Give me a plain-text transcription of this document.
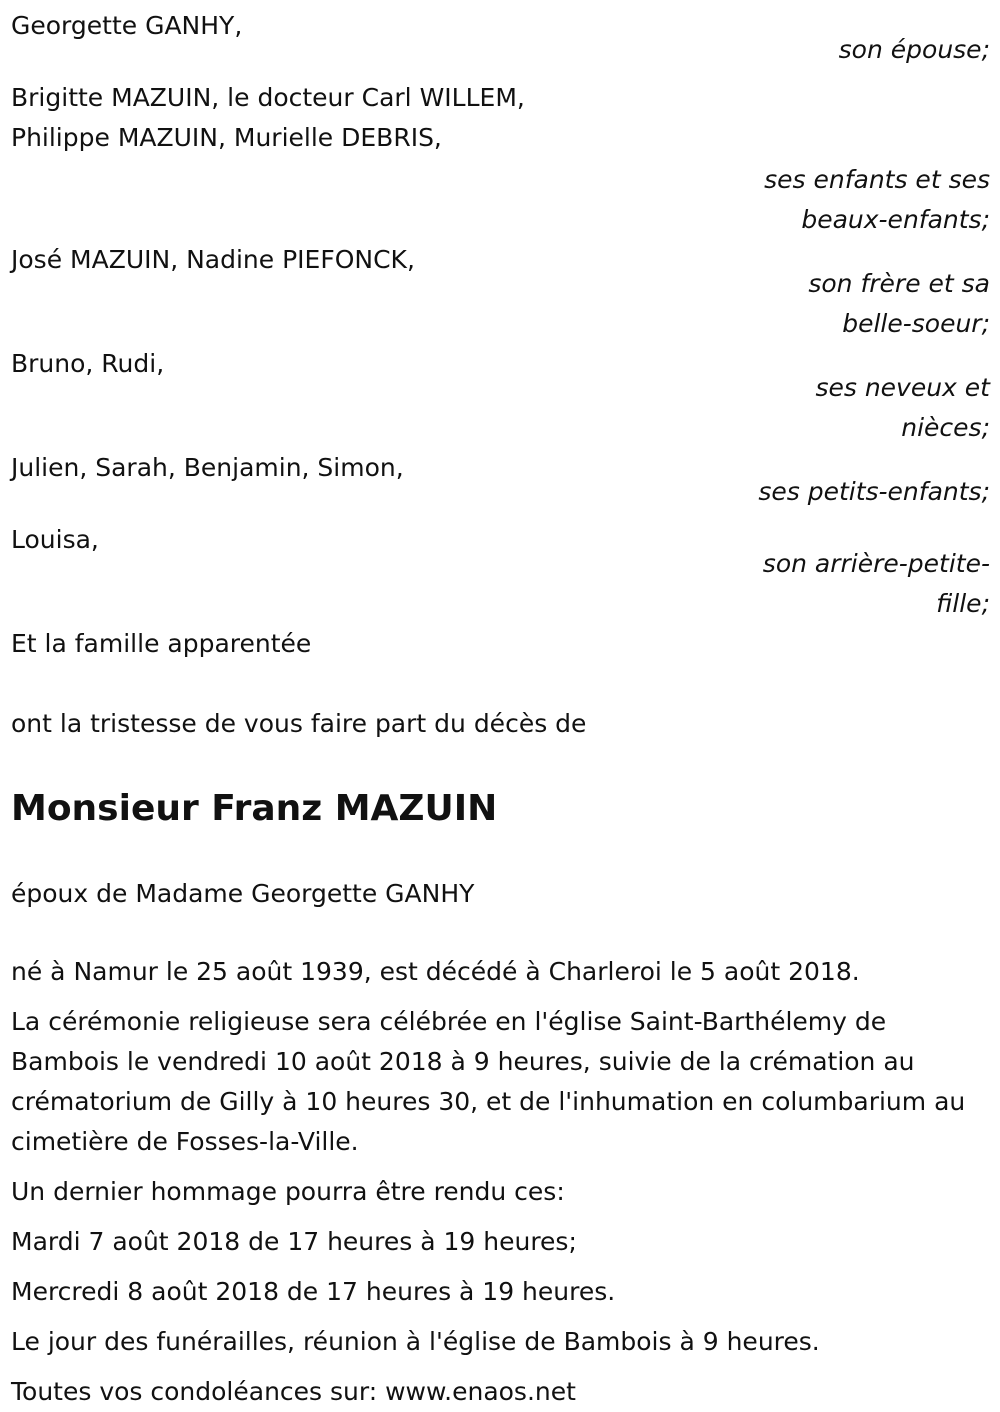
Georgette GANHY,
son épouse;
Brigitte MAZUIN, le docteur Carl WILLEM,
Philippe MAZUIN, Murielle DEBRIS,
ses enfants et ses
beaux-enfants;
José MAZUIN, Nadine PIEFONCK,
son frère et sa
belle-soeur;
Bruno, Rudi,
ses neveux et
nièces;
Julien, Sarah, Benjamin, Simon,
ses petits-enfants;
Louisa,
son arrière-petite-
fille;

Et la famille apparentée

ont la tristesse de vous faire part du décès de

Monsieur Franz MAZUIN

époux de Madame Georgette GANHY

né à Namur le 25 août 1939, est décédé à Charleroi le 5 août 2018.

La cérémonie religieuse sera célébrée en l'église Saint-Barthélemy de Bambois le vendredi 10 août 2018 à 9 heures, suivie de la crémation au crématorium de Gilly à 10 heures 30, et de l'inhumation en columbarium au cimetière de Fosses-la-Ville.

Un dernier hommage pourra être rendu ces:

Mardi 7 août 2018 de 17 heures à 19 heures;

Mercredi 8 août 2018 de 17 heures à 19 heures.

Le jour des funérailles, réunion à l'église de Bambois à 9 heures.

Toutes vos condoléances sur: www.enaos.net
